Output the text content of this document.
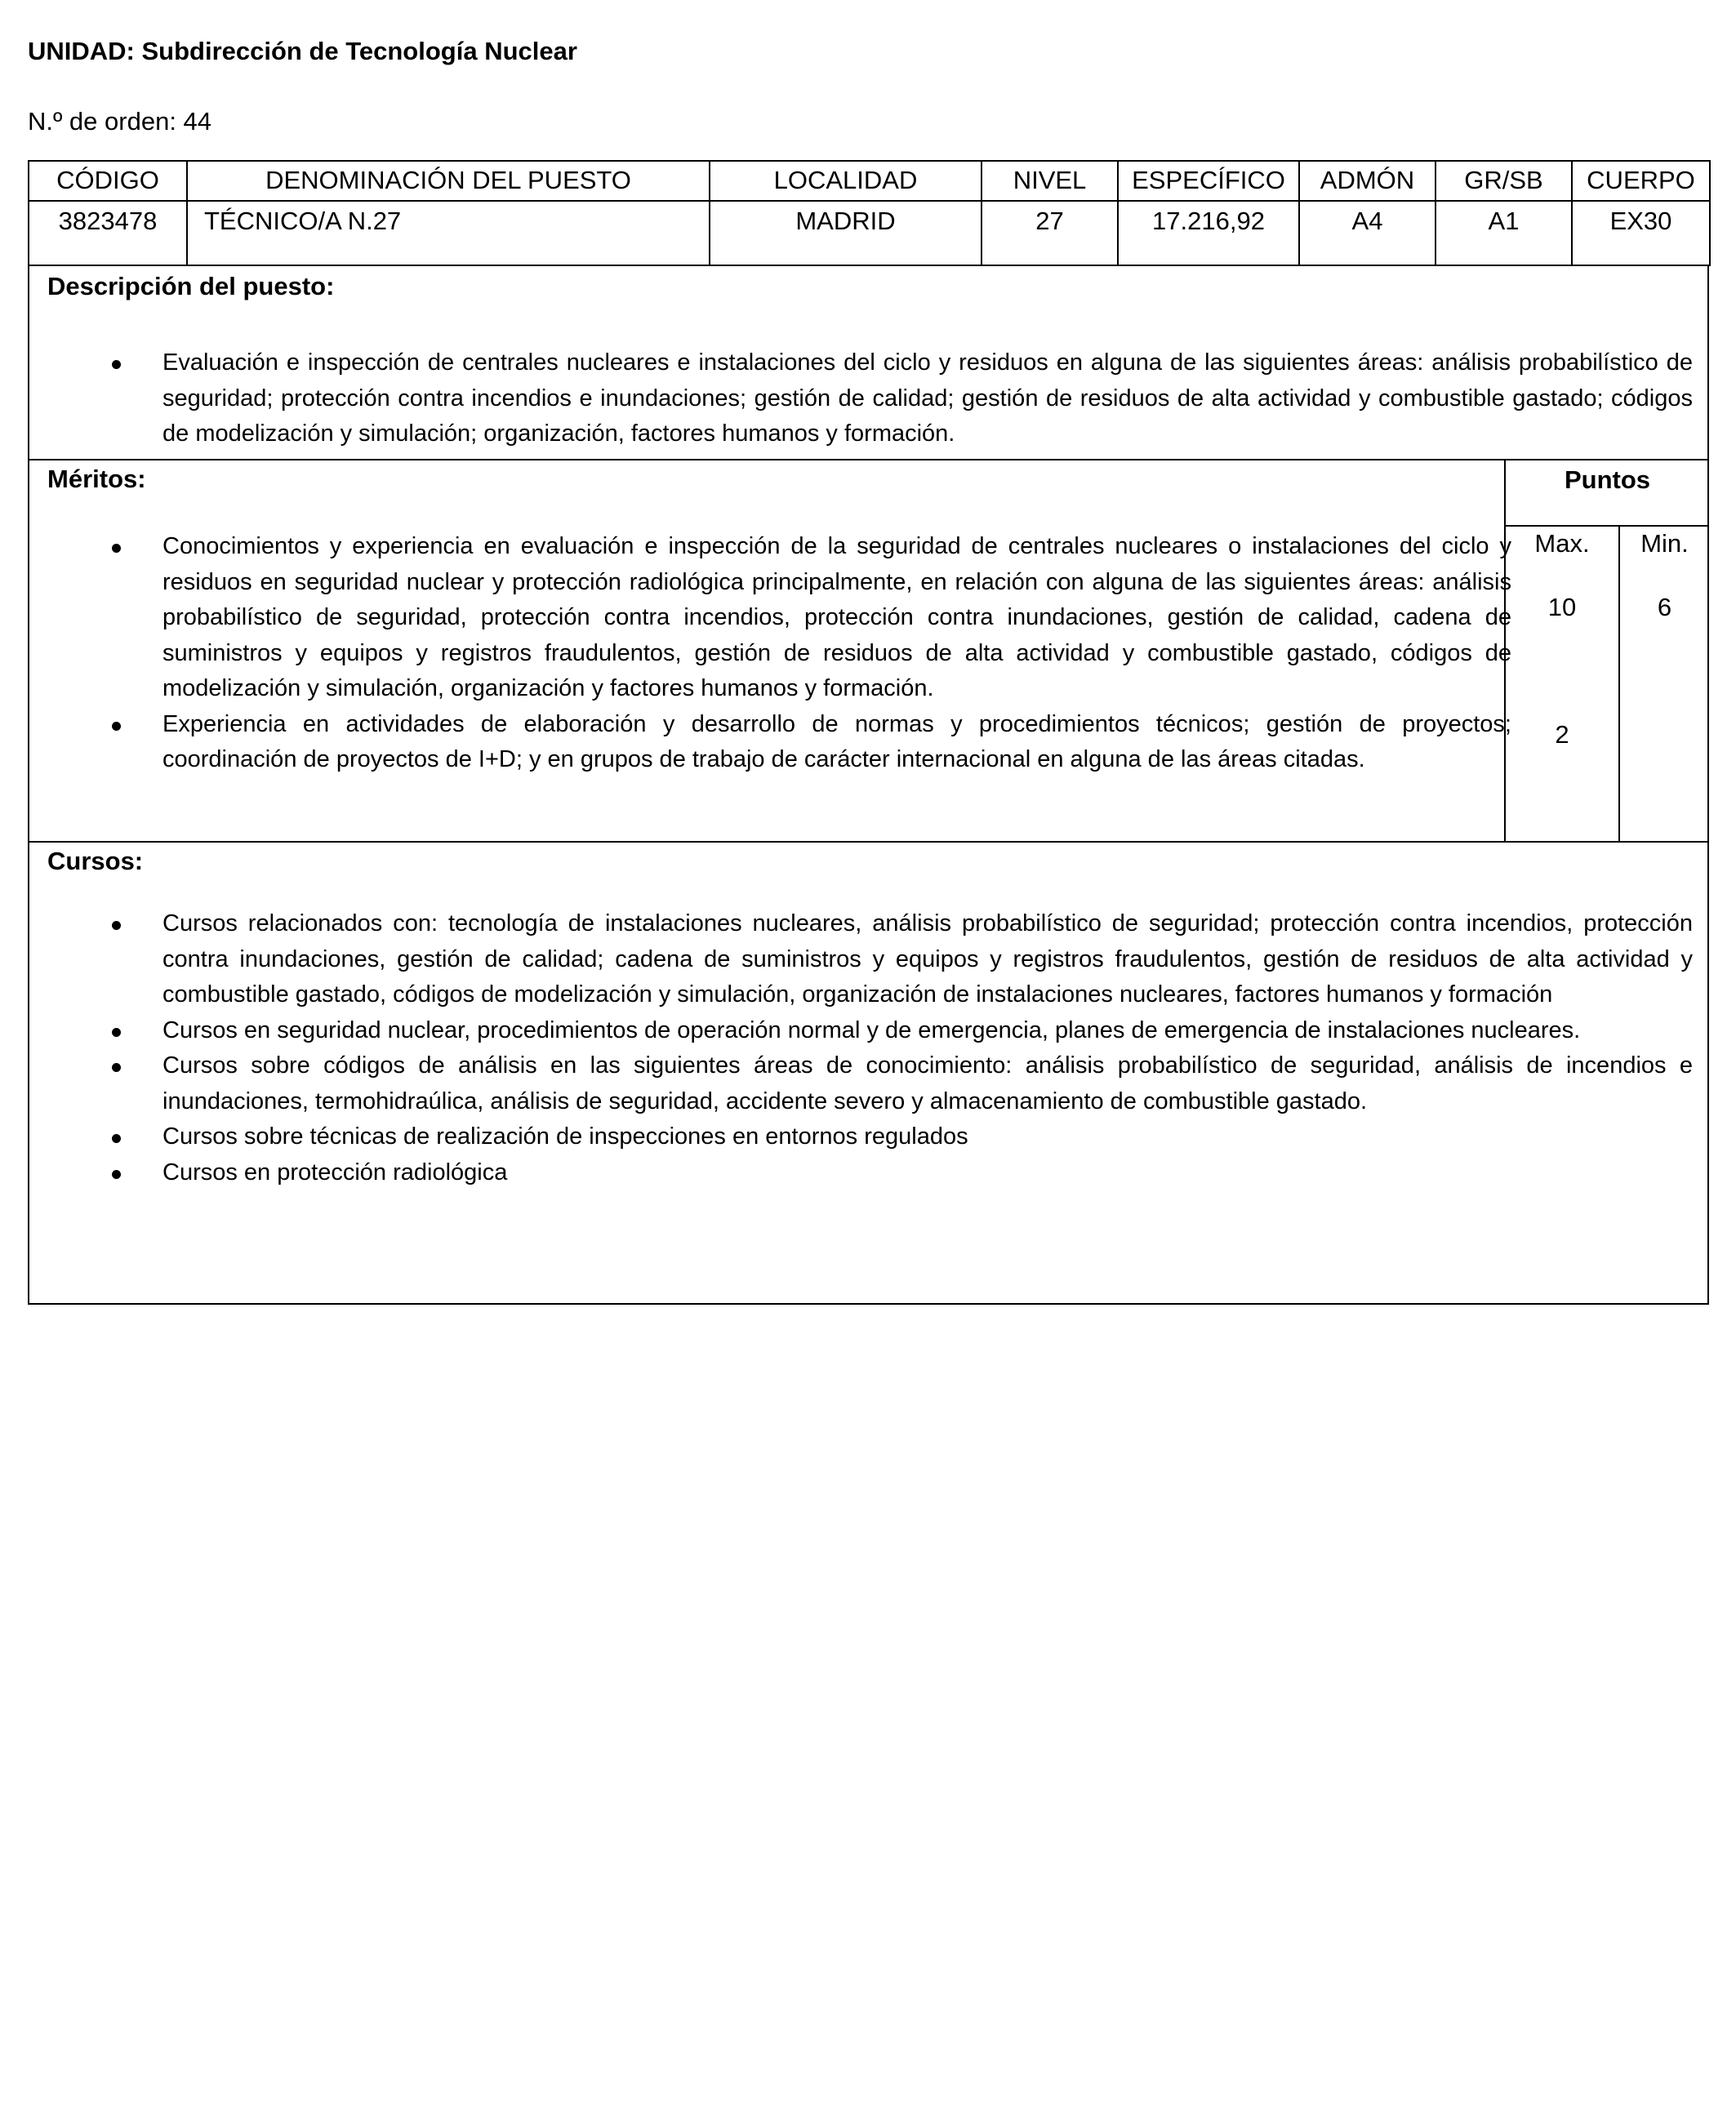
UNIDAD: Subdirección de Tecnología Nuclear
N.º de orden: 44
CÓDIGO	DENOMINACIÓN DEL PUESTO	LOCALIDAD	NIVEL	ESPECÍFICO	ADMÓN	GR/SB	CUERPO
3823478	TÉCNICO/A N.27	MADRID	27	17.216,92	A4	A1	EX30
Descripción del puesto:
Evaluación e inspección de centrales nucleares e instalaciones del ciclo y residuos en alguna de las siguientes áreas: análisis probabilístico de seguridad; protección contra incendios e inundaciones; gestión de calidad; gestión de residuos de alta actividad y combustible gastado; códigos de modelización y simulación; organización, factores humanos y formación.
Méritos:
Conocimientos y experiencia en evaluación e inspección de la seguridad de centrales nucleares o instalaciones del ciclo y residuos en seguridad nuclear y protección radiológica principalmente, en relación con alguna de las siguientes áreas: análisis probabilístico de seguridad, protección contra incendios, protección contra inundaciones, gestión de calidad, cadena de suministros y equipos y registros fraudulentos, gestión de residuos de alta actividad y combustible gastado, códigos de modelización y simulación, organización y factores humanos y formación.
Experiencia en actividades de elaboración y desarrollo de normas y procedimientos técnicos; gestión de proyectos; coordinación de proyectos de I+D; y en grupos de trabajo de carácter internacional en alguna de las áreas citadas.
Puntos
Max.	Min.
10	6
2
Cursos:
Cursos relacionados con: tecnología de instalaciones nucleares, análisis probabilístico de seguridad; protección contra incendios, protección contra inundaciones, gestión de calidad; cadena de suministros y equipos y registros fraudulentos, gestión de residuos de alta actividad y combustible gastado, códigos de modelización y simulación, organización de instalaciones nucleares, factores humanos y formación
Cursos en seguridad nuclear, procedimientos de operación normal y de emergencia, planes de emergencia de instalaciones nucleares.
Cursos sobre códigos de análisis en las siguientes áreas de conocimiento: análisis probabilístico de seguridad, análisis de incendios e inundaciones, termohidraúlica, análisis de seguridad, accidente severo y almacenamiento de combustible gastado.
Cursos sobre técnicas de realización de inspecciones en entornos regulados
Cursos en protección radiológica
